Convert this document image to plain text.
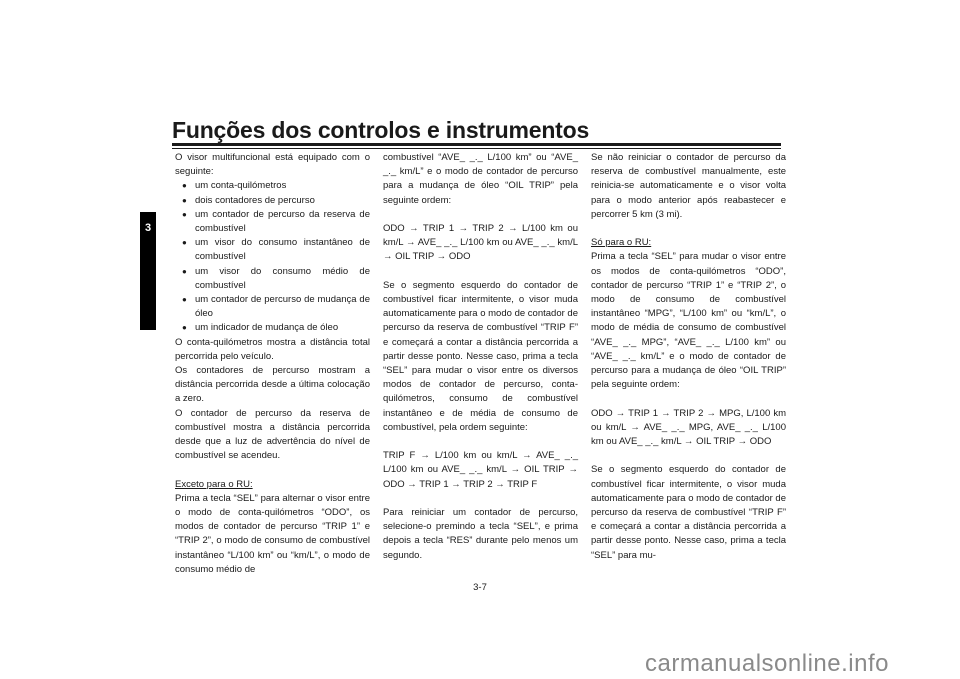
Funções dos controlos e instrumentos
3

O visor multifuncional está equipado com o seguinte:

● um conta-quilómetros
● dois contadores de percurso
● um contador de percurso da reserva de combustível
● um visor do consumo instantâneo de combustível
● um visor do consumo médio de combustível
● um contador de percurso de mudança de óleo
● um indicador de mudança de óleo

O conta-quilómetros mostra a distância total percorrida pelo veículo.

Os contadores de percurso mostram a distância percorrida desde a última colocação a zero.

O contador de percurso da reserva de combustível mostra a distância percorrida desde que a luz de advertência do nível de combustível se acendeu.

Exceto para o RU:

Prima a tecla “SEL” para alternar o visor entre o modo de conta-quilómetros “ODO”, os modos de contador de percurso “TRIP 1” e “TRIP 2”, o modo de consumo de combustível instantâneo “L/100 km” ou “km/L”, o modo de consumo médio de

combustível “AVE_ _._ L/100 km” ou “AVE_ _._ km/L” e o modo de contador de percurso para a mudança de óleo “OIL TRIP” pela seguinte ordem:

ODO → TRIP 1 → TRIP 2 → L/100 km ou km/L → AVE_ _._ L/100 km ou AVE_ _._ km/L → OIL TRIP → ODO

Se o segmento esquerdo do contador de combustível ficar intermitente, o visor muda automaticamente para o modo de contador de percurso da reserva de combustível “TRIP F” e começará a contar a distância percorrida a partir desse ponto. Nesse caso, prima a tecla “SEL” para mudar o visor entre os diversos modos de contador de percurso, conta-quilómetros, consumo de combustível instantâneo e de média de consumo de combustível, pela ordem seguinte:

TRIP F → L/100 km ou km/L → AVE_ _._ L/100 km ou AVE_ _._ km/L → OIL TRIP → ODO → TRIP 1 → TRIP 2 → TRIP F

Para reiniciar um contador de percurso, selecione-o premindo a tecla “SEL”, e prima depois a tecla “RES” durante pelo menos um segundo.

Se não reiniciar o contador de percurso da reserva de combustível manualmente, este reinicia-se automaticamente e o visor volta para o modo anterior após reabastecer e percorrer 5 km (3 mi).

Só para o RU:

Prima a tecla “SEL” para mudar o visor entre os modos de conta-quilómetros “ODO”, contador de percurso “TRIP 1” e “TRIP 2”, o modo de consumo de combustível instantâneo “MPG”, “L/100 km” ou “km/L”, o modo de média de consumo de combustível “AVE_ _._ MPG”, “AVE_ _._ L/100 km” ou “AVE_ _._ km/L” e o modo de contador de percurso para a mudança de óleo “OIL TRIP” pela seguinte ordem:

ODO → TRIP 1 → TRIP 2 → MPG, L/100 km ou km/L → AVE_ _._ MPG, AVE_ _._ L/100 km ou AVE_ _._ km/L → OIL TRIP → ODO

Se o segmento esquerdo do contador de combustível ficar intermitente, o visor muda automaticamente para o modo de contador de percurso da reserva de combustível “TRIP F” e começará a contar a distância percorrida a partir desse ponto. Nesse caso, prima a tecla “SEL” para mu-

3-7
carmanualsonline.info
